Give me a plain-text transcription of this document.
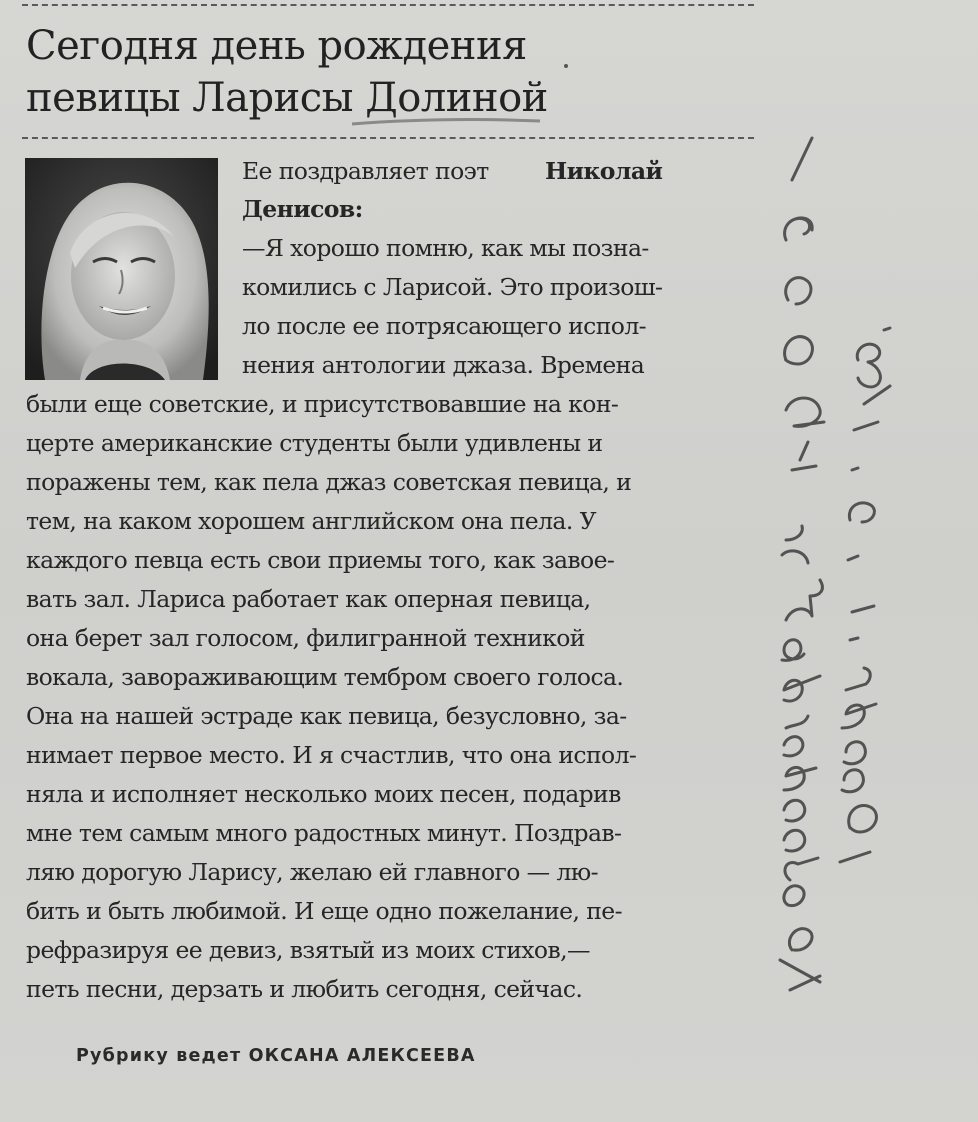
Сегодня день рождения
певицы Ларисы Долиной
Ее поздравляет поэт Николай
Денисов:
—Я хорошо помню, как мы позна-
комились с Ларисой. Это произош-
ло после ее потрясающего испол-
нения антологии джаза. Времена
были еще советские, и присутствовавшие на кон-
церте американские студенты были удивлены и
поражены тем, как пела джаз советская певица, и
тем, на каком хорошем английском она пела. У
каждого певца есть свои приемы того, как завое-
вать зал. Лариса работает как оперная певица,
она берет зал голосом, филигранной техникой
вокала, завораживающим тембром своего голоса.
Она на нашей эстраде как певица, безусловно, за-
нимает первое место. И я счастлив, что она испол-
няла и исполняет несколько моих песен, подарив
мне тем самым много радостных минут. Поздрав-
ляю дорогую Ларису, желаю ей главного — лю-
бить и быть любимой. И еще одно пожелание, пе-
рефразируя ее девиз, взятый из моих стихов,—
петь песни, дерзать и любить сегодня, сейчас.
Рубрику ведет ОКСАНА АЛЕКСЕЕВА
